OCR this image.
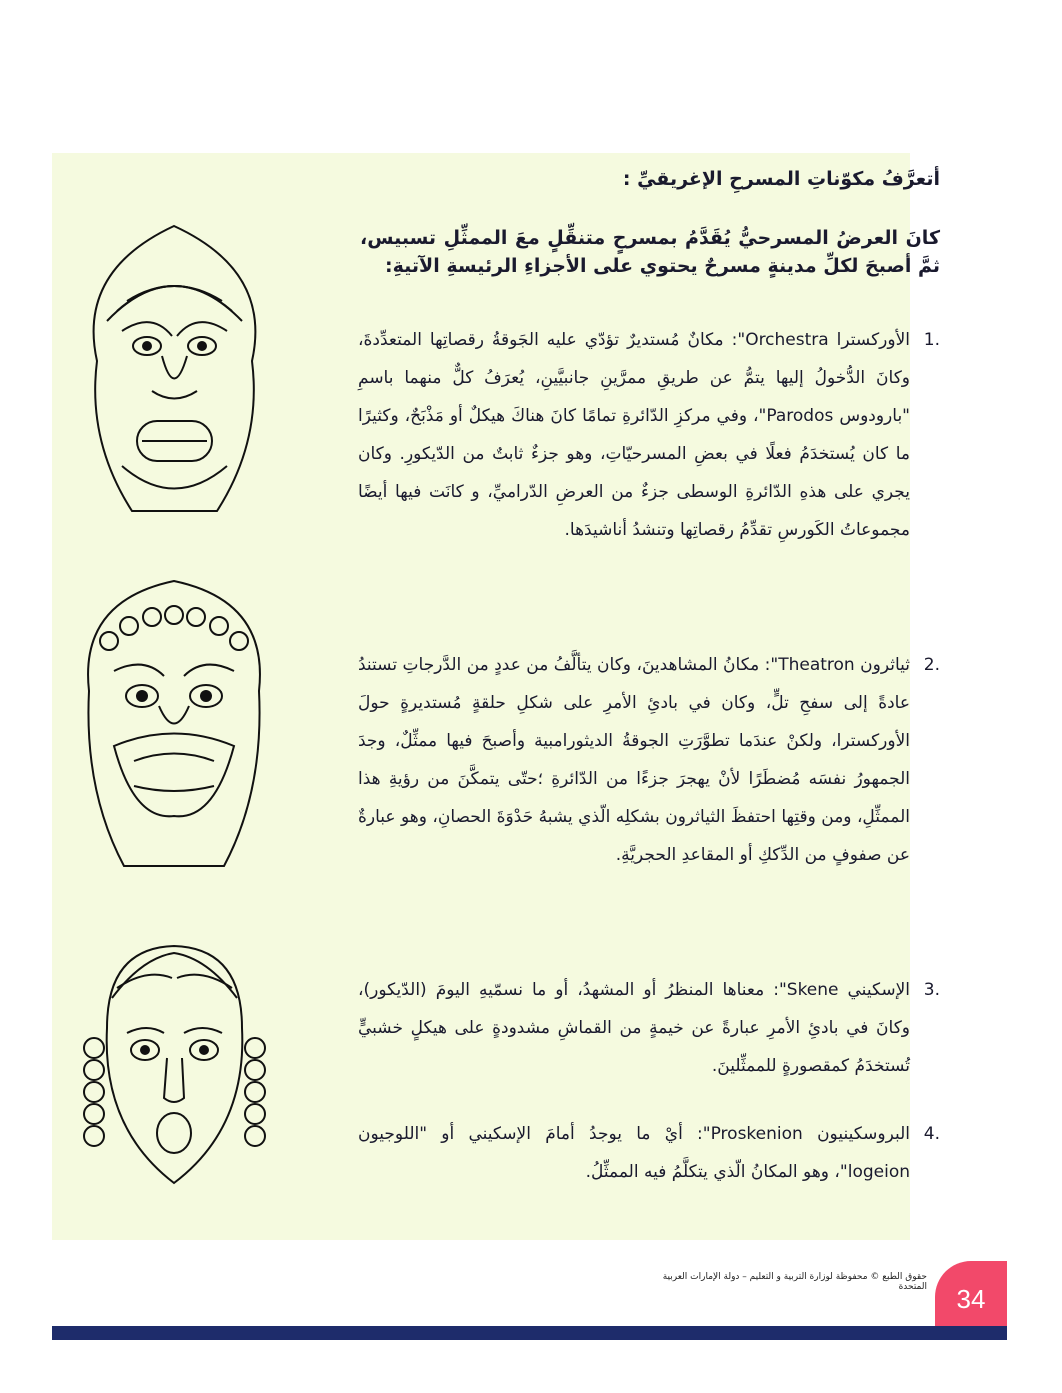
أتعرَّفُ مكوّناتِ المسرحِ الإغريقيِّ :
كانَ العرضُ المسرحيُّ يُقَدَّمُ بمسرحٍ متنقِّلٍ معَ الممثِّلِ تسبيس، ثمَّ أصبحَ لكلِّ مدينةٍ مسرحٌ يحتوي على الأجزاءِ الرئيسةِ الآتيةِ:
1.
الأوركسترا Orchestra": مكانٌ مُستديرٌ تؤدّي عليه الجَوقةُ رقصاتِها المتعدِّدةَ، وكانَ الدُّخولُ إليها يتمُّ عن طريقِ ممرَّينِ جانبيَّينِ، يُعرَفُ كلٌّ منهما باسمِ "بارودوس Parodos"، وفي مركزِ الدّائرةِ تمامًا كانَ هناكَ هيكلٌ أو مَذْبَحٌ، وكثيرًا ما كان يُستخدَمُ فعلًا في بعضِ المسرحيّاتِ، وهو جزءٌ ثابتٌ من الدّيكورِ. وكان يجري على هذهِ الدّائرةِ الوسطى جزءٌ من العرضِ الدّراميِّ، و كانَت فيها أيضًا مجموعاتُ الكَورسِ تقدِّمُ رقصاتِها وتنشدُ أناشيدَها.
2.
ثياثرون Theatron": مكانُ المشاهدينَ، وكان يتألَّفُ من عددٍ من الدَّرجاتِ تستندُ عادةً إلى سفحِ تلٍّ، وكان في بادئِ الأمرِ على شكلِ حلقةٍ مُستديرةٍ حولَ الأوركسترا، ولكنْ عندَما تطوَّرَتِ الجوقةُ الديثورامبية وأصبحَ فيها ممثِّلٌ، وجدَ الجمهورُ نفسَه مُضطَرًا لأنْ يهجرَ جزءًا من الدّائرةِ ؛حتّى يتمكَّنَ من رؤيةِ هذا الممثِّلِ، ومن وقتِها احتفظَ الثياثرون بشكلِه الّذي يشبهُ حَدْوَةَ الحصانِ، وهو عبارةٌ عن صفوفٍ من الدِّككِ أو المقاعدِ الحجريَّةِ.
3.
الإسكيني Skene": معناها المنظرُ أو المشهدُ، أو ما نسمّيهِ اليومَ (الدّيكور)، وكانَ في بادئِ الأمرِ عبارةً عن خيمةٍ من القماشِ مشدودةٍ على هيكلٍ خشبيٍّ تُستخدَمُ كمقصورةٍ للممثِّلينَ.
4.
البروسكينيون Proskenion": أيْ ما يوجدُ أمامَ الإسكيني أو "اللوجيون logeion"، وهو المكانُ الّذي يتكلَّمُ فيه الممثِّلُ.
حقوق الطبع © محفوظة لوزارة التربية و التعليم – دولة الإمارات العربية المتحدة	34
